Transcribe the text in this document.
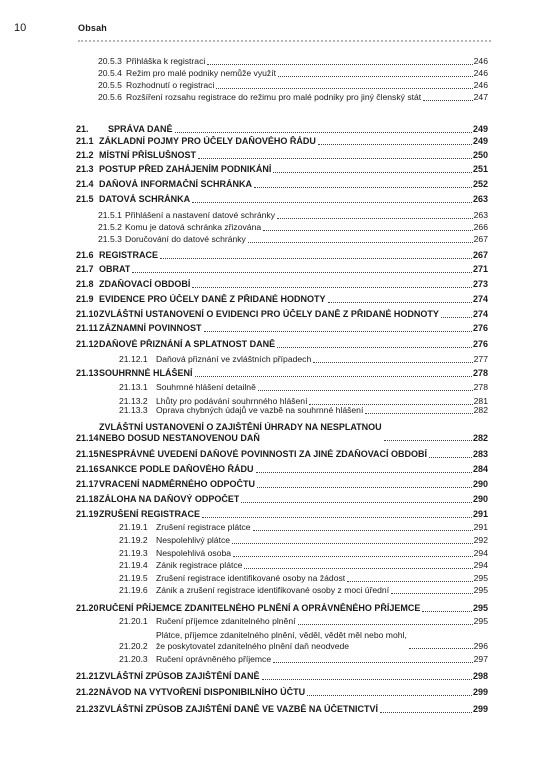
10	Obsah
20.5.3 Přihláška k registraci	246
20.5.4 Režim pro malé podniky nemůže využít	246
20.5.5 Rozhodnutí o registraci	246
20.5.6 Rozšíření rozsahu registrace do režimu pro malé podniky pro jiný členský stát	247
21.	SPRÁVA DANĚ	249
21.1 ZÁKLADNÍ POJMY PRO ÚČELY DAŇOVÉHO ŘÁDU	249
21.2 MÍSTNÍ PŘÍSLUŠNOST	250
21.3 POSTUP PŘED ZAHÁJENÍM PODNIKÁNÍ	251
21.4 DAŇOVÁ INFORMAČNÍ SCHRÁNKA	252
21.5 DATOVÁ SCHRÁNKA	263
21.5.1 Přihlášení a nastavení datové schránky	263
21.5.2 Komu je datová schránka zřizována	266
21.5.3 Doručování do datové schránky	267
21.6 REGISTRACE	267
21.7 OBRAT	271
21.8 ZDAŇOVACÍ OBDOBÍ	273
21.9 EVIDENCE PRO ÚČELY DANĚ Z PŘIDANÉ HODNOTY	274
21.10 ZVLÁŠTNÍ USTANOVENÍ O EVIDENCI PRO ÚČELY DANĚ Z PŘIDANÉ HODNOTY	274
21.11 ZÁZNAMNÍ POVINNOST	276
21.12 DAŇOVÉ PŘIZNÁNÍ A SPLATNOST DANĚ	276
21.12.1 Daňová přiznání ve zvláštních případech	277
21.13 SOUHRNNÉ HLÁŠENÍ	278
21.13.1 Souhrnné hlášení detailně	278
21.13.2 Lhůty pro podávání souhrnného hlášení	281
21.13.3 Oprava chybných údajů ve vazbě na souhrnné hlášení	282
21.14
ZVLÁŠTNÍ USTANOVENÍ O ZAJIŠTĚNÍ ÚHRADY NA NESPLATNOU
NEBO DOSUD NESTANOVENOU DAŇ	282
21.15 NESPRÁVNÉ UVEDENÍ DAŇOVÉ POVINNOSTI ZA JINÉ ZDAŇOVACÍ OBDOBÍ	283
21.16 SANKCE PODLE DAŇOVÉHO ŘÁDU	284
21.17 VRACENÍ NADMĚRNÉHO ODPOČTU	290
21.18 ZÁLOHA NA DAŇOVÝ ODPOČET	290
21.19 ZRUŠENÍ REGISTRACE	291
21.19.1 Zrušení registrace plátce	291
21.19.2 Nespolehlivý plátce	292
21.19.3 Nespolehlivá osoba	294
21.19.4 Zánik registrace plátce	294
21.19.5 Zrušení registrace identifikované osoby na žádost	295
21.19.6 Zánik a zrušení registrace identifikované osoby z moci úřední	295
21.20 RUČENÍ PŘÍJEMCE ZDANITELNÉHO PLNĚNÍ A OPRÁVNĚNÉHO PŘÍJEMCE	295
21.20.1 Ručení příjemce zdanitelného plnění	295
21.20.2
Plátce, příjemce zdanitelného plnění, věděl, vědět měl nebo mohl,
že poskytovatel zdanitelného plnění daň neodvede	296
21.20.3 Ručení oprávněného příjemce	297
21.21 ZVLÁŠTNÍ ZPŮSOB ZAJIŠTĚNÍ DANĚ	298
21.22 NÁVOD NA VYTVOŘENÍ DISPONIBILNÍHO ÚČTU	299
21.23 ZVLÁŠTNÍ ZPŮSOB ZAJIŠTĚNÍ DANĚ VE VAZBĚ NA ÚČETNICTVÍ	299
